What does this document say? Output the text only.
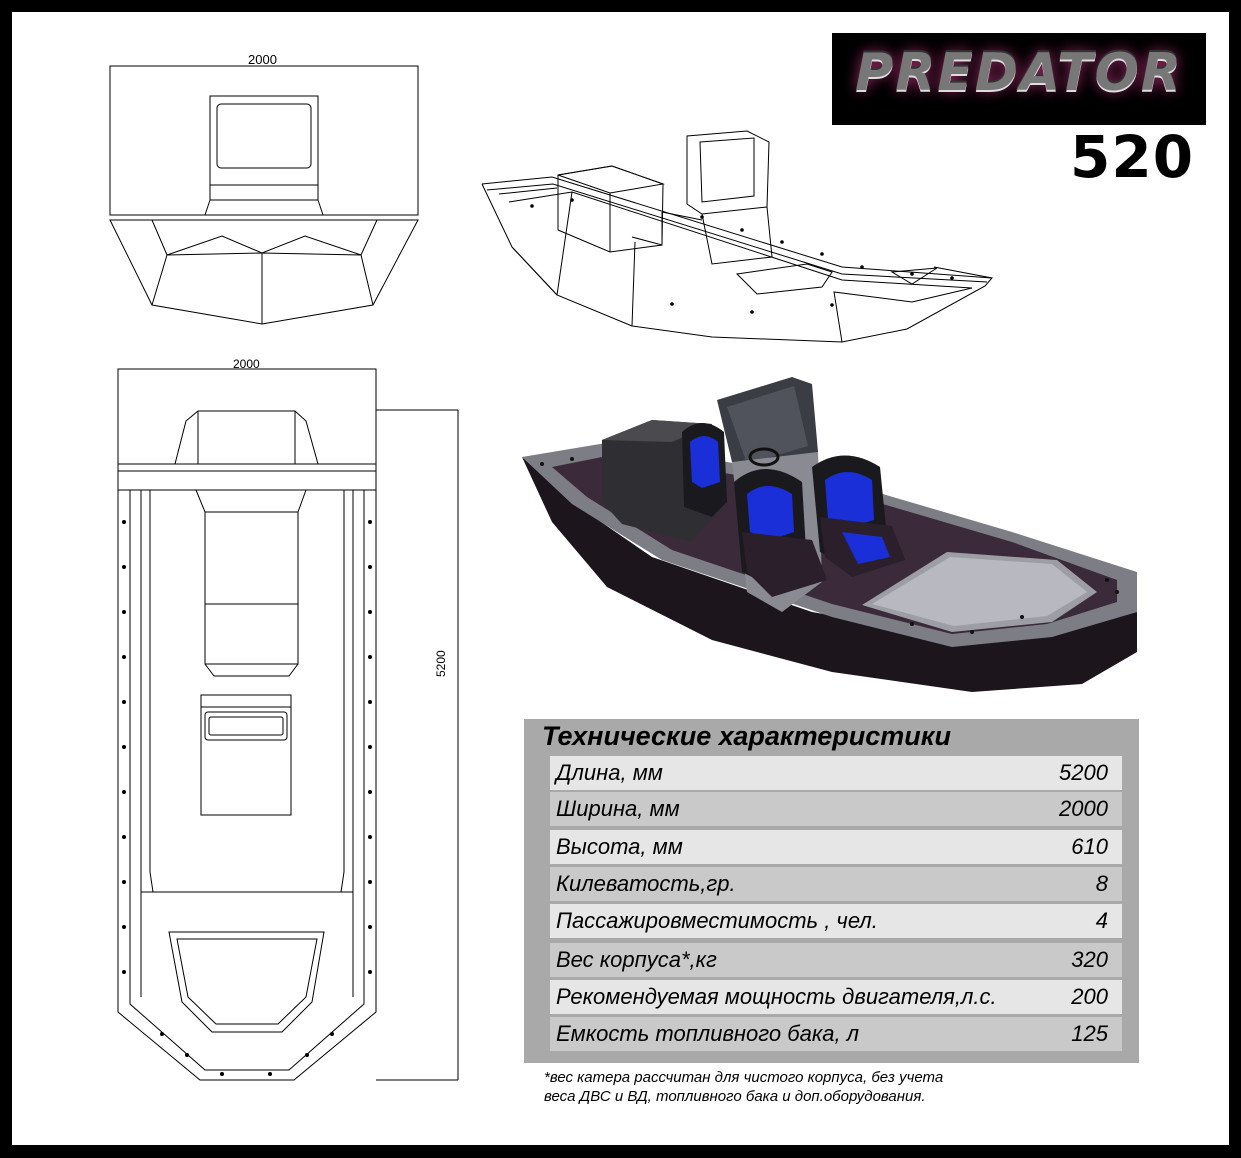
2000
2000
5200
PREDATOR
520
Технические характеристики
Длина, мм	5200
Ширина, мм	2000
Высота, мм	610
Килеватость,гр.	8
Пассажировместимость , чел.	4
Вес корпуса*,кг	320
Рекомендуемая мощность двигателя,л.с.	200
Емкость топливного бака, л	125
*вес катера рассчитан для чистого корпуса, без учета
веса ДВС и ВД, топливного бака и доп.оборудования.
